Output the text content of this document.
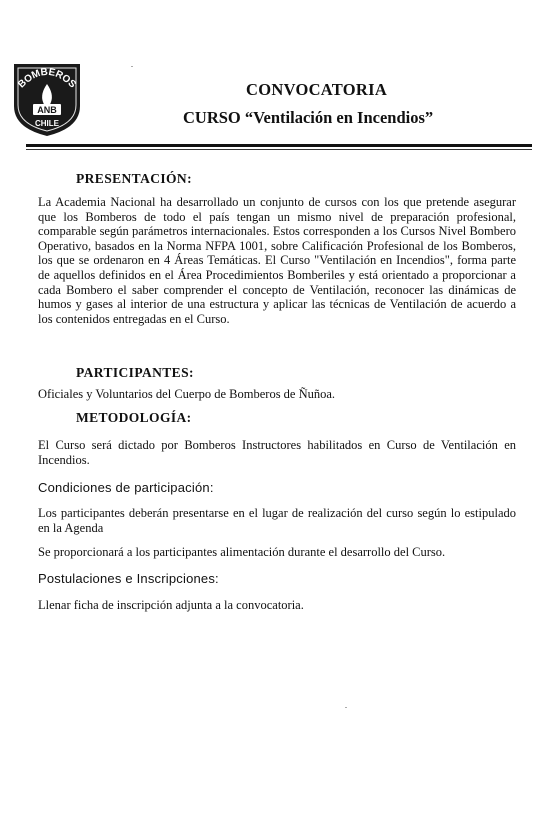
BOMBEROS
ANB
CHILE
CONVOCATORIA
CURSO “Ventilación en Incendios”
PRESENTACIÓN:
La Academia Nacional ha desarrollado un conjunto de cursos con los que pretende asegurar que los Bomberos de todo el país tengan un mismo nivel de preparación profesional, comparable según parámetros internacionales. Estos corresponden a los Cursos Nivel Bombero Operativo, basados en la Norma NFPA 1001, sobre Calificación Profesional de los Bomberos, los que se ordenaron en 4 Áreas Temáticas. El Curso "Ventilación en Incendios", forma parte de aquellos definidos en el Área Procedimientos Bomberiles y está orientado a proporcionar a cada Bombero el saber comprender el concepto de Ventilación, reconocer las dinámicas de humos y gases al interior de una estructura y aplicar las técnicas de Ventilación de acuerdo a los contenidos entregadas en el Curso.
PARTICIPANTES:
Oficiales y Voluntarios del Cuerpo de Bomberos de Ñuñoa.
METODOLOGÍA:
El Curso será dictado por Bomberos Instructores habilitados en Curso de Ventilación en Incendios.
Condiciones de participación:
Los participantes deberán presentarse en el lugar de realización del curso según lo estipulado en la Agenda
Se proporcionará a los participantes alimentación durante el desarrollo del Curso.
Postulaciones e Inscripciones:
Llenar ficha de inscripción adjunta a la convocatoria.
